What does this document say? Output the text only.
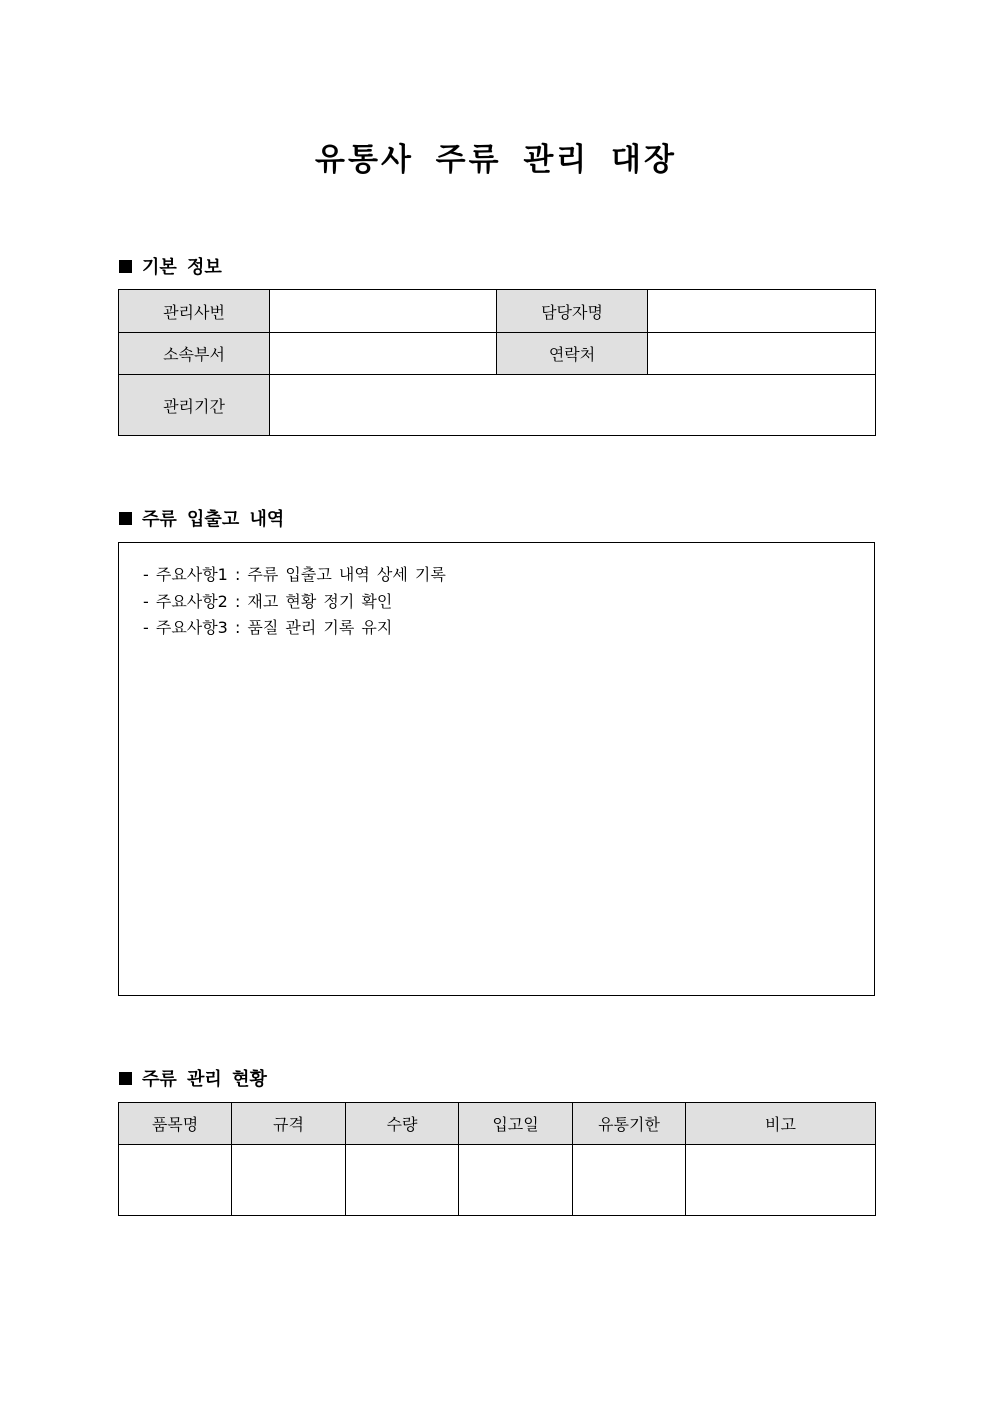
유통사 주류 관리 대장
기본 정보
관리사번		담당자명	
소속부서		연락처	
관리기간			
주류 입출고 내역
- 주요사항1 : 주류 입출고 내역 상세 기록
- 주요사항2 : 재고 현황 정기 확인
- 주요사항3 : 품질 관리 기록 유지
주류 관리 현황
품목명	규격	수량	입고일	유통기한	비고
